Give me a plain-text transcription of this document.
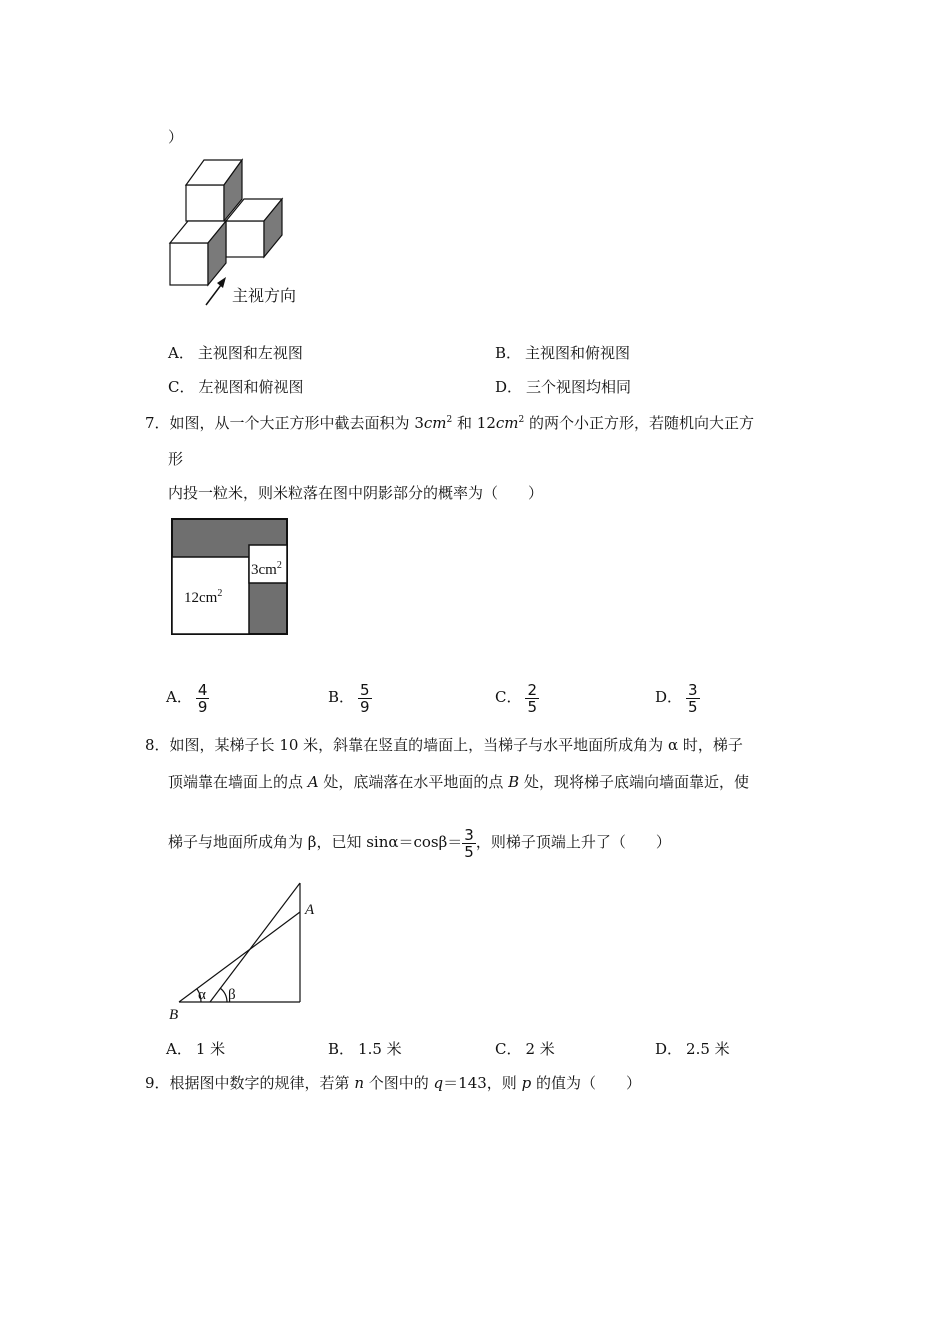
）
主视方向
A． 主视图和左视图	B． 主视图和俯视图
C． 左视图和俯视图	D． 三个视图均相同
7．如图，从一个大正方形中截去面积为 $3cm^2$ 和 $12cm^2$ 的两个小正方形，若随机向大正方
形
内投一粒米，则米粒落在图中阴影部分的概率为（　　）
$12cm^2$
$3cm^2$
A． $\frac{4}{9}$	B． $\frac{5}{9}$	C． $\frac{2}{5}$	D． $\frac{3}{5}$
8．如图，某梯子长 10 米，斜靠在竖直的墙面上，当梯子与水平地面所成角为 α 时，梯子
顶端靠在墙面上的点 A 处，底端落在水平地面的点 B 处，现将梯子底端向墙面靠近，使
梯子与地面所成角为 β，已知 $\sin\alpha=\cos\beta= \frac{3}{5}$ ，则梯子顶端上升了（　　）
A
B
α β
A． 1 米	B． 1.5 米	C． 2 米	D． 2.5 米
9．根据图中数字的规律，若第 n 个图中的 q＝143，则 p 的值为（　　）
